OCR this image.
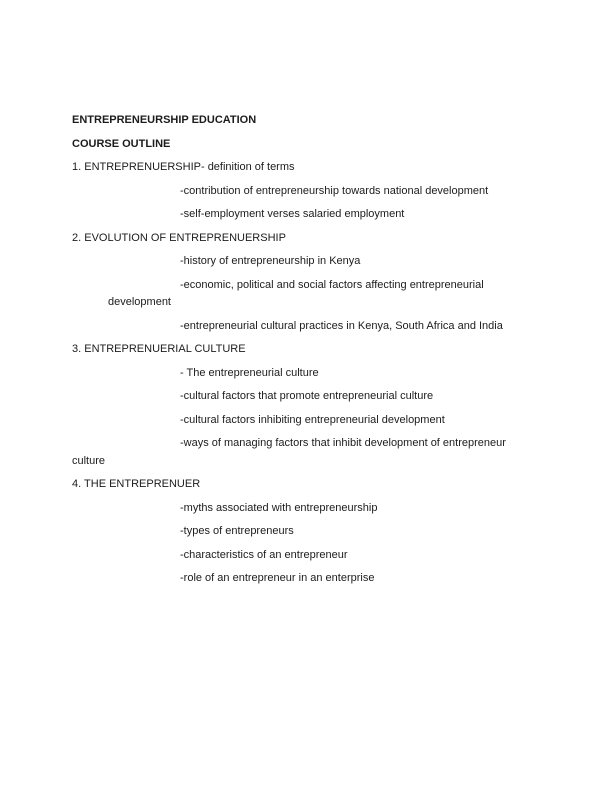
ENTREPRENEURSHIP EDUCATION

COURSE OUTLINE

1. ENTREPRENUERSHIP- definition of terms

-contribution of entrepreneurship towards national development

-self-employment verses salaried employment

2. EVOLUTION OF ENTREPRENUERSHIP

-history of entrepreneurship in Kenya

-economic, political and social factors affecting entrepreneurial

development

-entrepreneurial cultural practices in Kenya, South Africa and India

3. ENTREPRENUERIAL CULTURE

- The entrepreneurial culture

-cultural factors that promote entrepreneurial culture

-cultural factors inhibiting entrepreneurial development

-ways of managing factors that inhibit development of entrepreneur

culture

4. THE ENTREPRENUER

-myths associated with entrepreneurship

-types of entrepreneurs

-characteristics of an entrepreneur

-role of an entrepreneur in an enterprise
